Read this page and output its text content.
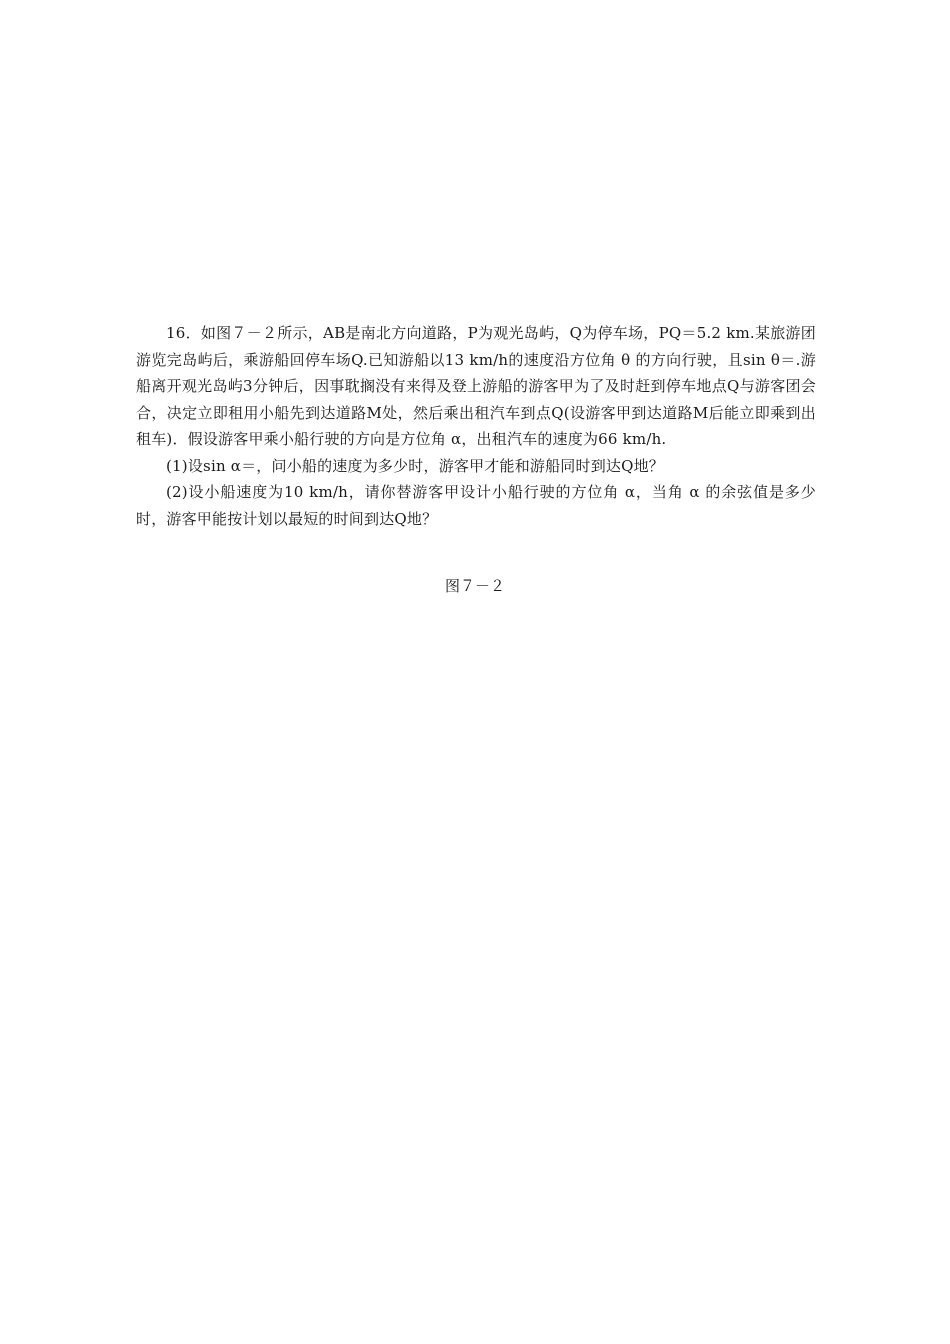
16．如图７－２所示，AB是南北方向道路，P为观光岛屿，Q为停车场，PQ＝5.2 km.某旅游团游览完岛屿后，乘游船回停车场Q.已知游船以13 km/h的速度沿方位角 θ 的方向行驶，且sin θ＝.游船离开观光岛屿3分钟后，因事耽搁没有来得及登上游船的游客甲为了及时赶到停车地点Q与游客团会合，决定立即租用小船先到达道路M处，然后乘出租汽车到点Q(设游客甲到达道路M后能立即乘到出租车)．假设游客甲乘小船行驶的方向是方位角 α，出租汽车的速度为66 km/h.

(1)设sin α＝，问小船的速度为多少时，游客甲才能和游船同时到达Q地？

(2)设小船速度为10 km/h，请你替游客甲设计小船行驶的方位角 α，当角 α 的余弦值是多少时，游客甲能按计划以最短的时间到达Q地？

图７－２
